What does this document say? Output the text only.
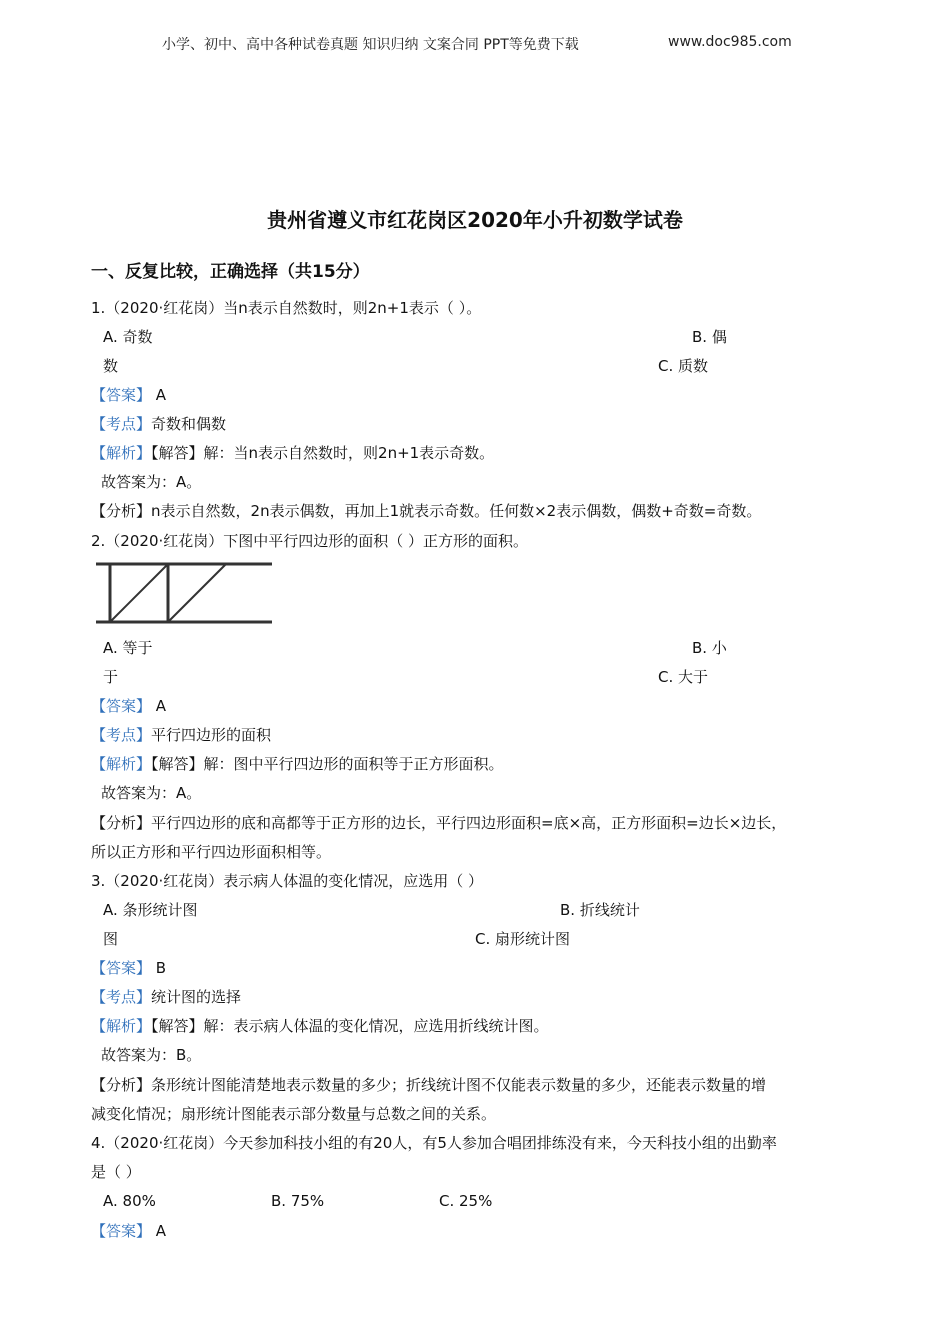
小学、初中、高中各种试卷真题 知识归纳 文案合同 PPT等免费下载	www.doc985.com
贵州省遵义市红花岗区2020年小升初数学试卷
一、反复比较，正确选择（共15分）
1.（2020·红花岗）当n表示自然数时，则2n+1表示（ ）。
A. 奇数	B. 偶
数	C. 质数
【答案】 A
【考点】奇数和偶数
【解析】【解答】解：当n表示自然数时，则2n+1表示奇数。
故答案为：A。
【分析】n表示自然数，2n表示偶数，再加上1就表示奇数。任何数×2表示偶数，偶数+奇数=奇数。
2.（2020·红花岗）下图中平行四边形的面积（ ）正方形的面积。
A. 等于	B. 小
于	C. 大于
【答案】 A
【考点】平行四边形的面积
【解析】【解答】解：图中平行四边形的面积等于正方形面积。
故答案为：A。
【分析】平行四边形的底和高都等于正方形的边长，平行四边形面积=底×高，正方形面积=边长×边长，
所以正方形和平行四边形面积相等。
3.（2020·红花岗）表示病人体温的变化情况，应选用（ ）
A. 条形统计图	B. 折线统计
图	C. 扇形统计图
【答案】 B
【考点】统计图的选择
【解析】【解答】解：表示病人体温的变化情况，应选用折线统计图。
故答案为：B。
【分析】条形统计图能清楚地表示数量的多少；折线统计图不仅能表示数量的多少，还能表示数量的增
减变化情况；扇形统计图能表示部分数量与总数之间的关系。
4.（2020·红花岗）今天参加科技小组的有20人，有5人参加合唱团排练没有来，今天科技小组的出勤率
是（ ）
A. 80%	B. 75%	C. 25%
【答案】 A
